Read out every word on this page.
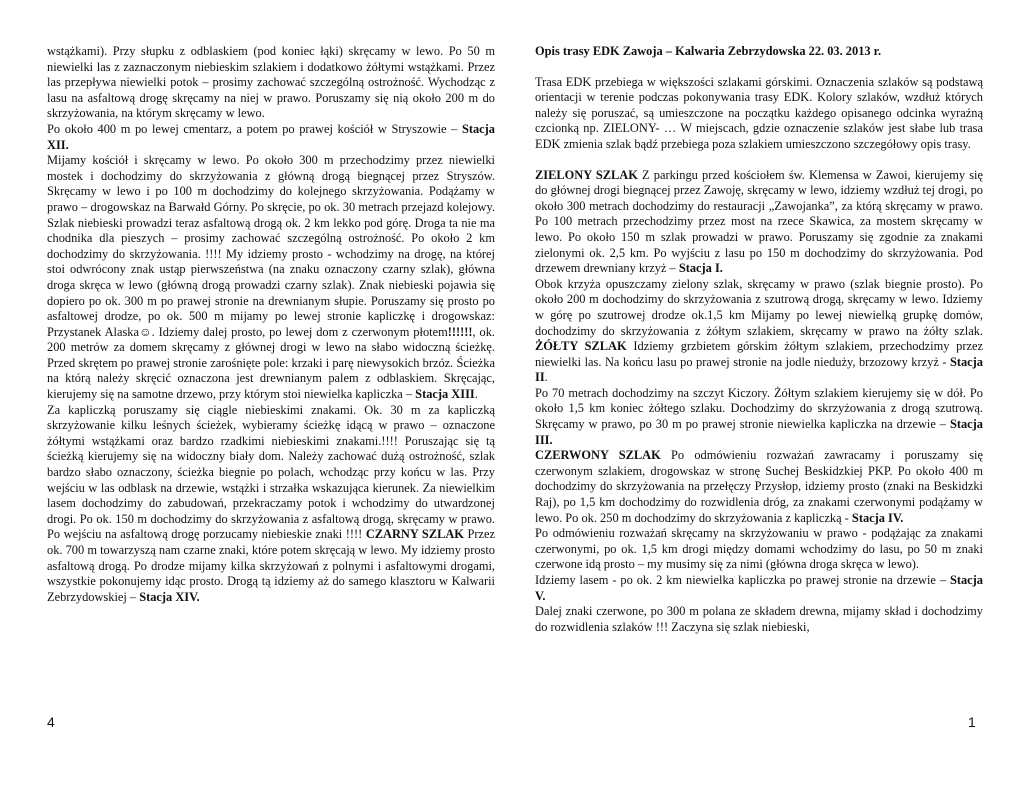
wstążkami). Przy słupku z odblaskiem (pod koniec łąki) skręcamy w lewo. Po 50 m niewielki las z zaznaczonym niebieskim szlakiem i dodatkowo żółtymi wstążkami. Przez las przepływa niewielki potok – prosimy zachować szczególną ostrożność. Wychodząc z lasu na asfaltową drogę skręcamy na niej w prawo. Poruszamy się nią około 200 m do skrzyżowania, na którym skręcamy w lewo.

Po około 400 m po lewej cmentarz, a potem po prawej kościół w Stryszowie – Stacja XII.

Mijamy kościół i skręcamy w lewo. Po około 300 m przechodzimy przez niewielki mostek i dochodzimy do skrzyżowania z główną drogą biegnącej przez Stryszów. Skręcamy w lewo i po 100 m dochodzimy do kolejnego skrzyżowania. Podążamy w prawo – drogowskaz na Barwałd Górny. Po skręcie, po ok. 30 metrach przejazd kolejowy. Szlak niebieski prowadzi teraz asfaltową drogą ok. 2 km lekko pod górę. Droga ta nie ma chodnika dla pieszych – prosimy zachować szczególną ostrożność. Po około 2 km dochodzimy do skrzyżowania. !!!! My idziemy prosto - wchodzimy na drogę, na której stoi odwrócony znak ustąp pierwszeństwa (na znaku oznaczony czarny szlak), główna droga skręca w lewo (główną drogą prowadzi czarny szlak). Znak niebieski pojawia się dopiero po ok. 300 m po prawej stronie na drewnianym słupie. Poruszamy się prosto po asfaltowej drodze, po ok. 500 m mijamy po lewej stronie kapliczkę i drogowskaz: Przystanek Alaska☺. Idziemy dalej prosto, po lewej dom z czerwonym płotem!!!!!!, ok. 200 metrów za domem skręcamy z głównej drogi w lewo na słabo widoczną ścieżkę. Przed skrętem po prawej stronie zarośnięte pole: krzaki i parę niewysokich brzóz. Ścieżka na którą należy skręcić oznaczona jest drewnianym palem z odblaskiem. Skręcając, kierujemy się na samotne drzewo, przy którym stoi niewielka kapliczka – Stacja XIII.

Za kapliczką poruszamy się ciągle niebieskimi znakami. Ok. 30 m za kapliczką skrzyżowanie kilku leśnych ścieżek, wybieramy ścieżkę idącą w prawo – oznaczone żółtymi wstążkami oraz bardzo rzadkimi niebieskimi znakami.!!!! Poruszając się tą ścieżką kierujemy się na widoczny biały dom. Należy zachować dużą ostrożność, szlak bardzo słabo oznaczony, ścieżka biegnie po polach, wchodząc przy końcu w las. Przy wejściu w las odblask na drzewie, wstążki i strzałka wskazująca kierunek. Za niewielkim lasem dochodzimy do zabudowań, przekraczamy potok i wchodzimy do utwardzonej drogi. Po ok. 150 m dochodzimy do skrzyżowania z asfaltową drogą, skręcamy w prawo. Po wejściu na asfaltową drogę porzucamy niebieskie znaki !!!! CZARNY SZLAK Przez ok. 700 m towarzyszą nam czarne znaki, które potem skręcają w lewo. My idziemy prosto asfaltową drogą. Po drodze mijamy kilka skrzyżowań z polnymi i asfaltowymi drogami, wszystkie pokonujemy idąc prosto. Drogą tą idziemy aż do samego klasztoru w Kalwarii Zebrzydowskiej – Stacja XIV.

Opis trasy EDK Zawoja – Kalwaria Zebrzydowska 22. 03. 2013 r.

Trasa EDK przebiega w większości szlakami górskimi. Oznaczenia szlaków są podstawą orientacji w terenie podczas pokonywania trasy EDK. Kolory szlaków, wzdłuż których należy się poruszać, są umieszczone na początku każdego opisanego odcinka wyraźną czcionką np. ZIELONY- … W miejscach, gdzie oznaczenie szlaków jest słabe lub trasa EDK zmienia szlak bądź przebiega poza szlakiem umieszczono szczegółowy opis trasy.

ZIELONY SZLAK Z parkingu przed kościołem św. Klemensa w Zawoi, kierujemy się do głównej drogi biegnącej przez Zawoję, skręcamy w lewo, idziemy wzdłuż tej drogi, po około 300 metrach dochodzimy do restauracji „Zawojanka”, za którą skręcamy w prawo. Po 100 metrach przechodzimy przez most na rzece Skawica, za mostem skręcamy w lewo. Po około 150 m szlak prowadzi w prawo. Poruszamy się zgodnie za znakami zielonymi ok. 2,5 km. Po wyjściu z lasu po 150 m dochodzimy do skrzyżowania. Pod drzewem drewniany krzyż – Stacja I.

Obok krzyża opuszczamy zielony szlak, skręcamy w prawo (szlak biegnie prosto). Po około 200 m dochodzimy do skrzyżowania z szutrową drogą, skręcamy w lewo. Idziemy w górę po szutrowej drodze ok.1,5 km Mijamy po lewej niewielką grupkę domów, dochodzimy do skrzyżowania z żółtym szlakiem, skręcamy w prawo na żółty szlak. ŻÓŁTY SZLAK Idziemy grzbietem górskim żółtym szlakiem, przechodzimy przez niewielki las. Na końcu lasu po prawej stronie na jodle nieduży, brzozowy krzyż - Stacja II.

Po 70 metrach dochodzimy na szczyt Kiczory. Żółtym szlakiem kierujemy się w dół. Po około 1,5 km koniec żółtego szlaku. Dochodzimy do skrzyżowania z drogą szutrową. Skręcamy w prawo, po 30 m po prawej stronie niewielka kapliczka na drzewie – Stacja III.

CZERWONY SZLAK Po odmówieniu rozważań zawracamy i poruszamy się czerwonym szlakiem, drogowskaz w stronę Suchej Beskidzkiej PKP. Po około 400 m dochodzimy do skrzyżowania na przełęczy Przysłop, idziemy prosto (znaki na Beskidzki Raj), po 1,5 km dochodzimy do rozwidlenia dróg, za znakami czerwonymi podążamy w lewo. Po ok. 250 m dochodzimy do skrzyżowania z kapliczką - Stacja IV.

Po odmówieniu rozważań skręcamy na skrzyżowaniu w prawo - podążając za znakami czerwonymi, po ok. 1,5 km drogi między domami wchodzimy do lasu, po 50 m znaki czerwone idą prosto – my musimy się za nimi (główna droga skręca w lewo).

Idziemy lasem - po ok. 2 km niewielka kapliczka po prawej stronie na drzewie – Stacja V.

Dalej znaki czerwone, po 300 m polana ze składem drewna, mijamy skład i dochodzimy do rozwidlenia szlaków !!! Zaczyna się szlak niebieski,

4	1
